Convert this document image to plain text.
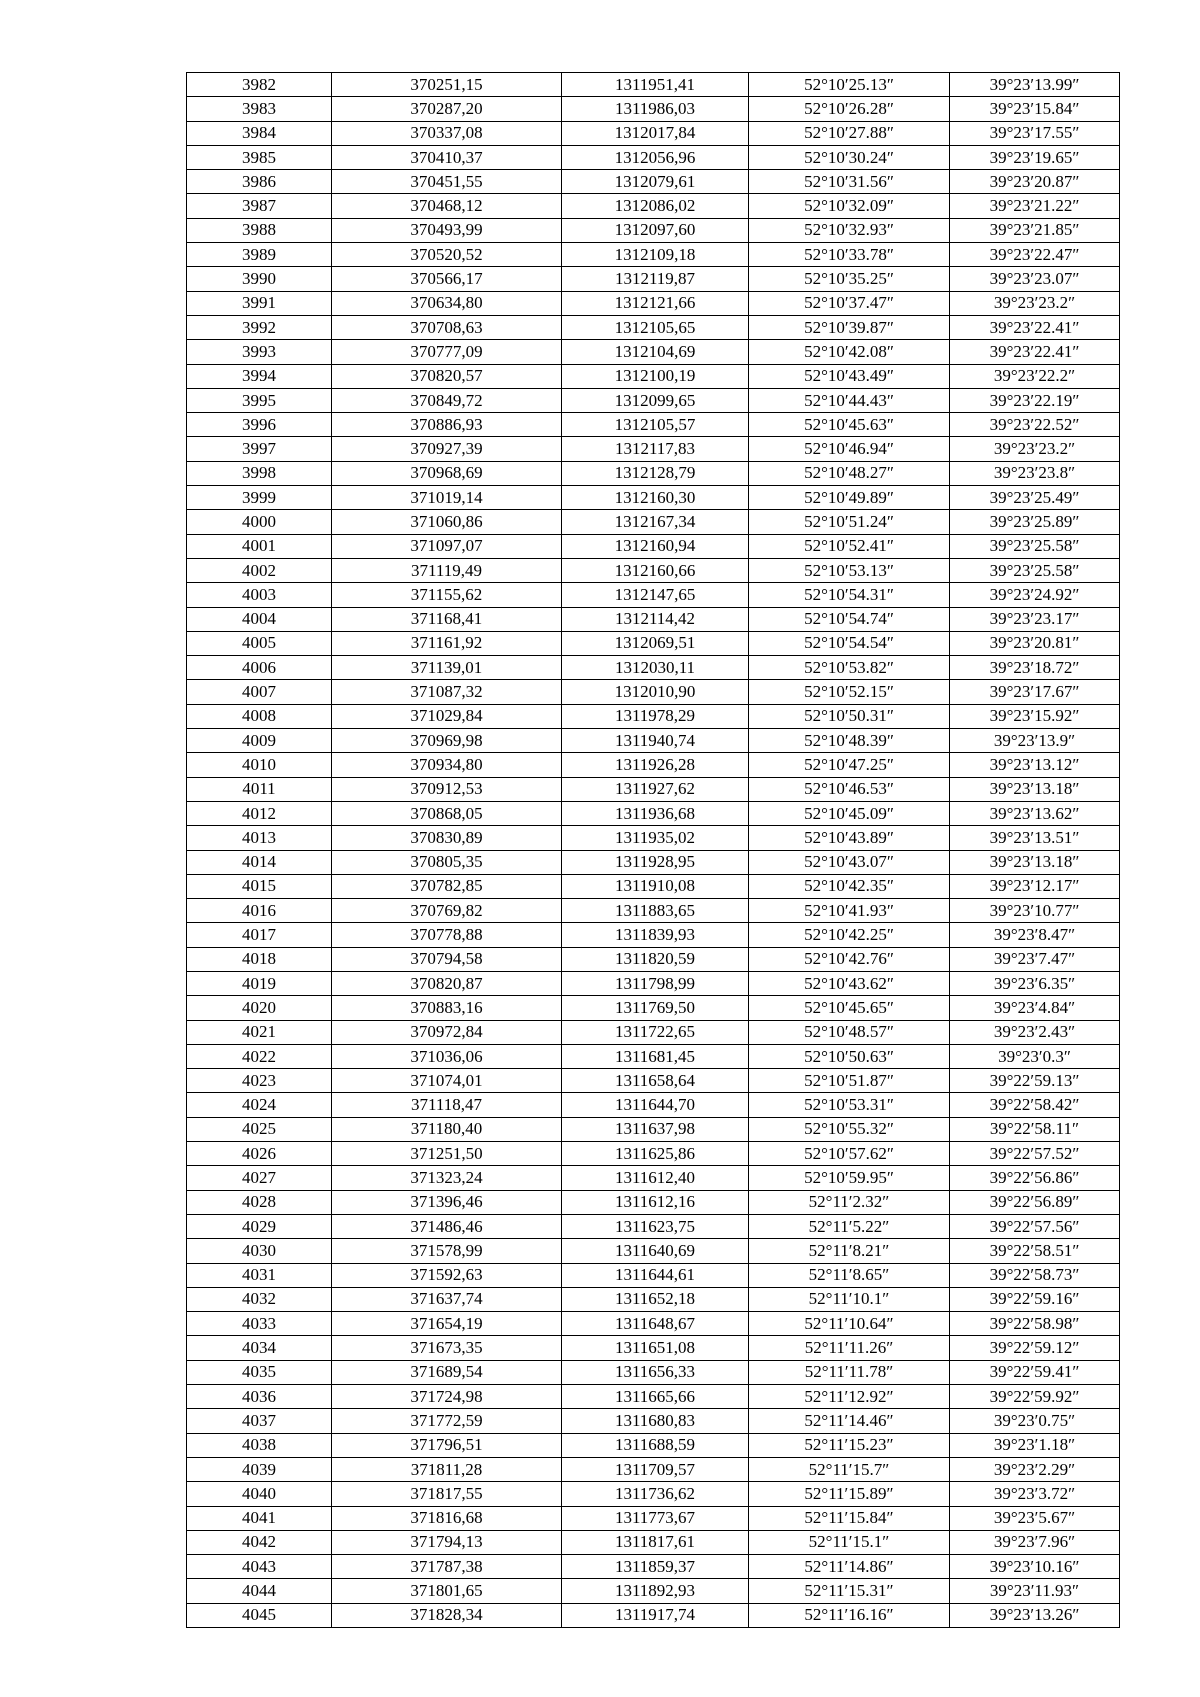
3982	370251,15	1311951,41	52°10′25.13″	39°23′13.99″
3983	370287,20	1311986,03	52°10′26.28″	39°23′15.84″
3984	370337,08	1312017,84	52°10′27.88″	39°23′17.55″
3985	370410,37	1312056,96	52°10′30.24″	39°23′19.65″
3986	370451,55	1312079,61	52°10′31.56″	39°23′20.87″
3987	370468,12	1312086,02	52°10′32.09″	39°23′21.22″
3988	370493,99	1312097,60	52°10′32.93″	39°23′21.85″
3989	370520,52	1312109,18	52°10′33.78″	39°23′22.47″
3990	370566,17	1312119,87	52°10′35.25″	39°23′23.07″
3991	370634,80	1312121,66	52°10′37.47″	39°23′23.2″
3992	370708,63	1312105,65	52°10′39.87″	39°23′22.41″
3993	370777,09	1312104,69	52°10′42.08″	39°23′22.41″
3994	370820,57	1312100,19	52°10′43.49″	39°23′22.2″
3995	370849,72	1312099,65	52°10′44.43″	39°23′22.19″
3996	370886,93	1312105,57	52°10′45.63″	39°23′22.52″
3997	370927,39	1312117,83	52°10′46.94″	39°23′23.2″
3998	370968,69	1312128,79	52°10′48.27″	39°23′23.8″
3999	371019,14	1312160,30	52°10′49.89″	39°23′25.49″
4000	371060,86	1312167,34	52°10′51.24″	39°23′25.89″
4001	371097,07	1312160,94	52°10′52.41″	39°23′25.58″
4002	371119,49	1312160,66	52°10′53.13″	39°23′25.58″
4003	371155,62	1312147,65	52°10′54.31″	39°23′24.92″
4004	371168,41	1312114,42	52°10′54.74″	39°23′23.17″
4005	371161,92	1312069,51	52°10′54.54″	39°23′20.81″
4006	371139,01	1312030,11	52°10′53.82″	39°23′18.72″
4007	371087,32	1312010,90	52°10′52.15″	39°23′17.67″
4008	371029,84	1311978,29	52°10′50.31″	39°23′15.92″
4009	370969,98	1311940,74	52°10′48.39″	39°23′13.9″
4010	370934,80	1311926,28	52°10′47.25″	39°23′13.12″
4011	370912,53	1311927,62	52°10′46.53″	39°23′13.18″
4012	370868,05	1311936,68	52°10′45.09″	39°23′13.62″
4013	370830,89	1311935,02	52°10′43.89″	39°23′13.51″
4014	370805,35	1311928,95	52°10′43.07″	39°23′13.18″
4015	370782,85	1311910,08	52°10′42.35″	39°23′12.17″
4016	370769,82	1311883,65	52°10′41.93″	39°23′10.77″
4017	370778,88	1311839,93	52°10′42.25″	39°23′8.47″
4018	370794,58	1311820,59	52°10′42.76″	39°23′7.47″
4019	370820,87	1311798,99	52°10′43.62″	39°23′6.35″
4020	370883,16	1311769,50	52°10′45.65″	39°23′4.84″
4021	370972,84	1311722,65	52°10′48.57″	39°23′2.43″
4022	371036,06	1311681,45	52°10′50.63″	39°23′0.3″
4023	371074,01	1311658,64	52°10′51.87″	39°22′59.13″
4024	371118,47	1311644,70	52°10′53.31″	39°22′58.42″
4025	371180,40	1311637,98	52°10′55.32″	39°22′58.11″
4026	371251,50	1311625,86	52°10′57.62″	39°22′57.52″
4027	371323,24	1311612,40	52°10′59.95″	39°22′56.86″
4028	371396,46	1311612,16	52°11′2.32″	39°22′56.89″
4029	371486,46	1311623,75	52°11′5.22″	39°22′57.56″
4030	371578,99	1311640,69	52°11′8.21″	39°22′58.51″
4031	371592,63	1311644,61	52°11′8.65″	39°22′58.73″
4032	371637,74	1311652,18	52°11′10.1″	39°22′59.16″
4033	371654,19	1311648,67	52°11′10.64″	39°22′58.98″
4034	371673,35	1311651,08	52°11′11.26″	39°22′59.12″
4035	371689,54	1311656,33	52°11′11.78″	39°22′59.41″
4036	371724,98	1311665,66	52°11′12.92″	39°22′59.92″
4037	371772,59	1311680,83	52°11′14.46″	39°23′0.75″
4038	371796,51	1311688,59	52°11′15.23″	39°23′1.18″
4039	371811,28	1311709,57	52°11′15.7″	39°23′2.29″
4040	371817,55	1311736,62	52°11′15.89″	39°23′3.72″
4041	371816,68	1311773,67	52°11′15.84″	39°23′5.67″
4042	371794,13	1311817,61	52°11′15.1″	39°23′7.96″
4043	371787,38	1311859,37	52°11′14.86″	39°23′10.16″
4044	371801,65	1311892,93	52°11′15.31″	39°23′11.93″
4045	371828,34	1311917,74	52°11′16.16″	39°23′13.26″
